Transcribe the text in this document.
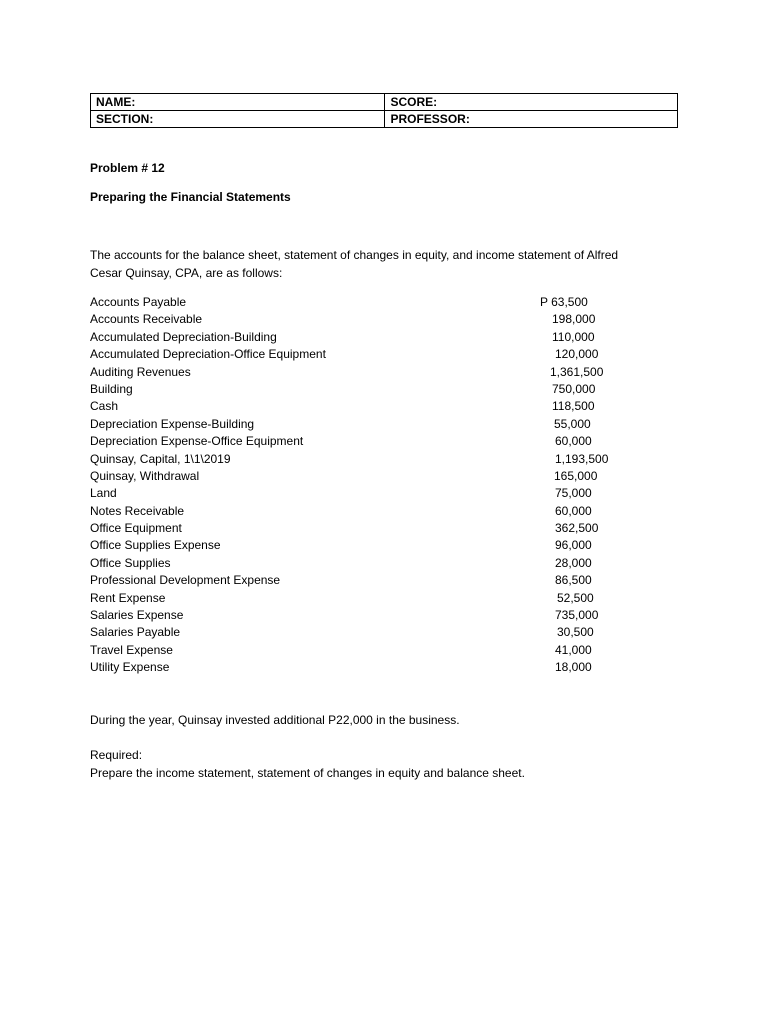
NAME:	SCORE:
SECTION:	PROFESSOR:
Problem # 12
Preparing the Financial Statements
The accounts for the balance sheet, statement of changes in equity, and income statement of Alfred
Cesar Quinsay, CPA, are as follows:
Accounts Payable	P 63,500
Accounts Receivable	198,000
Accumulated Depreciation-Building	110,000
Accumulated Depreciation-Office Equipment	120,000
Auditing Revenues	1,361,500
Building	750,000
Cash	118,500
Depreciation Expense-Building	55,000
Depreciation Expense-Office Equipment	60,000
Quinsay, Capital, 1\1\2019	1,193,500
Quinsay, Withdrawal	165,000
Land	75,000
Notes Receivable	60,000
Office Equipment	362,500
Office Supplies Expense	96,000
Office Supplies	28,000
Professional Development Expense	86,500
Rent Expense	52,500
Salaries Expense	735,000
Salaries Payable	30,500
Travel Expense	41,000
Utility Expense	18,000
During the year, Quinsay invested additional P22,000 in the business.
Required:
Prepare the income statement, statement of changes in equity and balance sheet.
